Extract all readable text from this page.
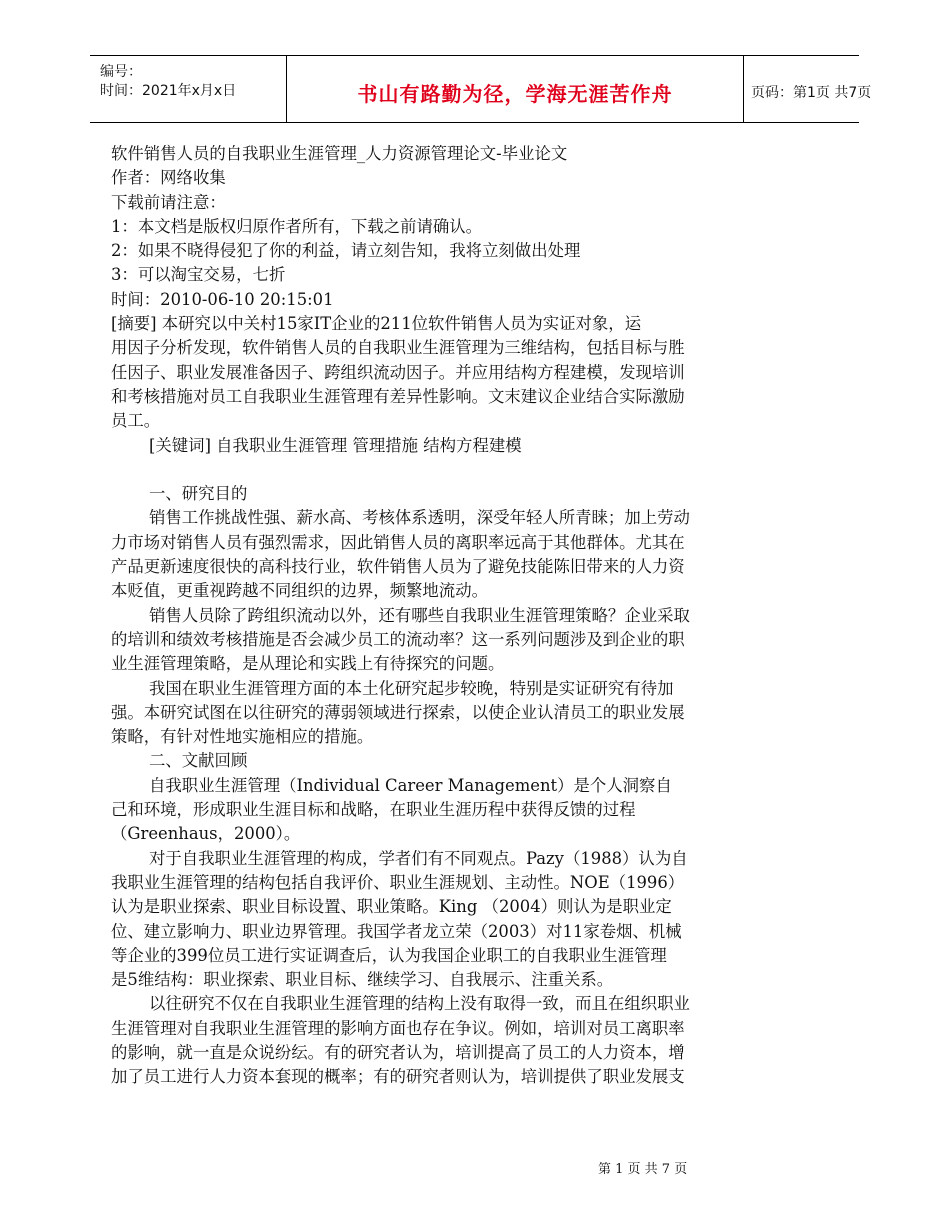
编号：
时间：2021年x月x日	书山有路勤为径，学海无涯苦作舟	页码：第1页 共7页
软件销售人员的自我职业生涯管理_人力资源管理论文-毕业论文
作者：网络收集
下载前请注意：
1：本文档是版权归原作者所有，下载之前请确认。
2：如果不晓得侵犯了你的利益，请立刻告知，我将立刻做出处理
3：可以淘宝交易，七折
时间：2010-06-10 20:15:01
[摘要] 本研究以中关村15家IT企业的211位软件销售人员为实证对象，运
用因子分析发现，软件销售人员的自我职业生涯管理为三维结构，包括目标与胜
任因子、职业发展准备因子、跨组织流动因子。并应用结构方程建模，发现培训
和考核措施对员工自我职业生涯管理有差异性影响。文末建议企业结合实际激励
员工。
[关键词] 自我职业生涯管理 管理措施 结构方程建模
一、研究目的
销售工作挑战性强、薪水高、考核体系透明，深受年轻人所青睐；加上劳动
力市场对销售人员有强烈需求，因此销售人员的离职率远高于其他群体。尤其在
产品更新速度很快的高科技行业，软件销售人员为了避免技能陈旧带来的人力资
本贬值，更重视跨越不同组织的边界，频繁地流动。
销售人员除了跨组织流动以外，还有哪些自我职业生涯管理策略？企业采取
的培训和绩效考核措施是否会减少员工的流动率？这一系列问题涉及到企业的职
业生涯管理策略，是从理论和实践上有待探究的问题。
我国在职业生涯管理方面的本土化研究起步较晚，特别是实证研究有待加
强。本研究试图在以往研究的薄弱领域进行探索，以使企业认清员工的职业发展
策略，有针对性地实施相应的措施。
二、文献回顾
自我职业生涯管理（Individual Career Management）是个人洞察自
己和环境，形成职业生涯目标和战略，在职业生涯历程中获得反馈的过程
（Greenhaus，2000）。
对于自我职业生涯管理的构成，学者们有不同观点。Pazy（1988）认为自
我职业生涯管理的结构包括自我评价、职业生涯规划、主动性。NOE（1996）
认为是职业探索、职业目标设置、职业策略。King （2004）则认为是职业定
位、建立影响力、职业边界管理。我国学者龙立荣（2003）对11家卷烟、机械
等企业的399位员工进行实证调查后，认为我国企业职工的自我职业生涯管理
是5维结构：职业探索、职业目标、继续学习、自我展示、注重关系。
以往研究不仅在自我职业生涯管理的结构上没有取得一致，而且在组织职业
生涯管理对自我职业生涯管理的影响方面也存在争议。例如，培训对员工离职率
的影响，就一直是众说纷纭。有的研究者认为，培训提高了员工的人力资本，增
加了员工进行人力资本套现的概率；有的研究者则认为，培训提供了职业发展支
第 1 页 共 7 页
